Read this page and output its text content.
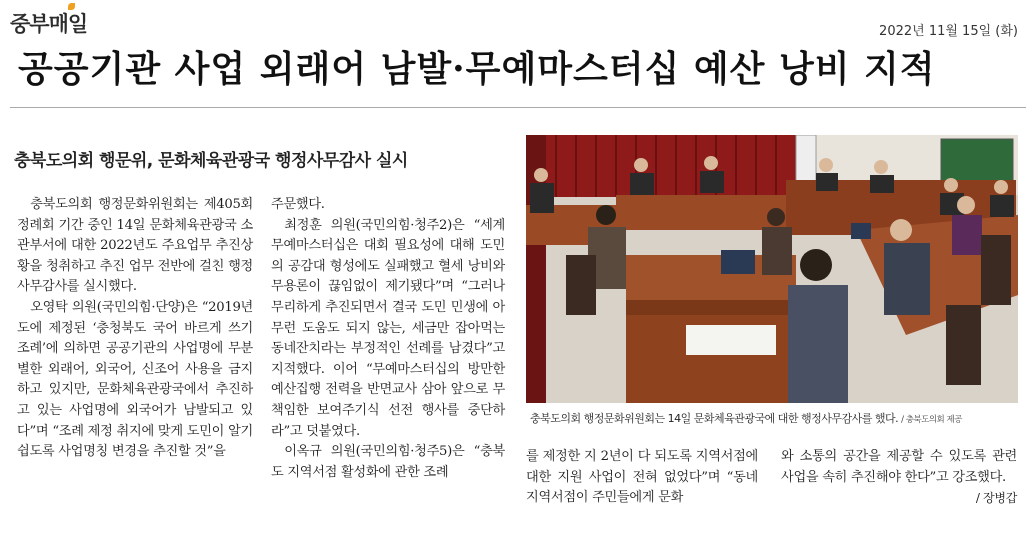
중부매일	2022년 11월 15일 (화)
공공기관 사업 외래어 남발·무예마스터십 예산 낭비 지적
충북도의회 행문위, 문화체육관광국 행정사무감사 실시

충북도의회 행정문화위원회는 제405회 정례회 기간 중인 14일 문화체육관광국 소관부서에 대한 2022년도 주요업무 추진상황을 청취하고 추진 업무 전반에 걸친 행정사무감사를 실시했다.

오영탁 의원(국민의힘·단양)은 “2019년도에 제정된 ‘충청북도 국어 바르게 쓰기 조례’에 의하면 공공기관의 사업명에 무분별한 외래어, 외국어, 신조어 사용을 금지하고 있지만, 문화체육관광국에서 추진하고 있는 사업명에 외국어가 남발되고 있다”며 “조례 제정 취지에 맞게 도민이 알기 쉽도록 사업명칭 변경을 추진할 것”을

주문했다.

최정훈 의원(국민의힘·청주2)은 “세계무예마스터십은 대회 필요성에 대해 도민의 공감대 형성에도 실패했고 혈세 낭비와 무용론이 끊임없이 제기됐다”며 “그러나 무리하게 추진되면서 결국 도민 민생에 아무런 도움도 되지 않는, 세금만 잡아먹는 동네잔치라는 부정적인 선례를 남겼다”고 지적했다. 이어 “무예마스터십의 방만한 예산집행 전력을 반면교사 삼아 앞으로 무책임한 보여주기식 선전 행사를 중단하라”고 덧붙였다.

이옥규 의원(국민의힘·청주5)은 “충북도 지역서점 활성화에 관한 조례

충북도의회 행정문화위원회는 14일 문화체육관광국에 대한 행정사무감사를 했다. / 충북도의회 제공

를 제정한 지 2년이 다 되도록 지역서점에 대한 지원 사업이 전혀 없었다”며 “동네 지역서점이 주민들에게 문화

와 소통의 공간을 제공할 수 있도록 관련 사업을 속히 추진해야 한다”고 강조했다.

/ 장병갑
